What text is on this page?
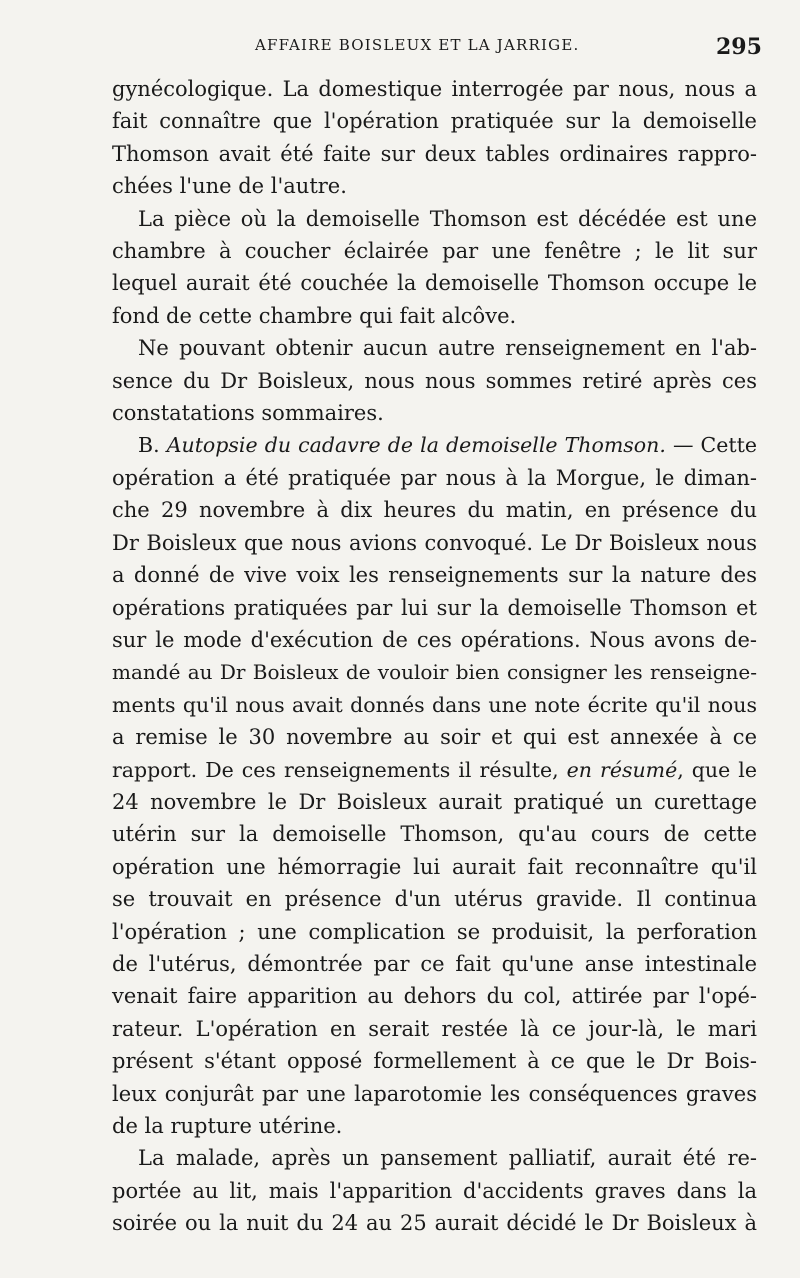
AFFAIRE BOISLEUX ET LA JARRIGE.	295
gynécologique. La domestique interrogée par nous, nous a
fait connaître que l'opération pratiquée sur la demoiselle
Thomson avait été faite sur deux tables ordinaires rappro-
chées l'une de l'autre.
La pièce où la demoiselle Thomson est décédée est une
chambre à coucher éclairée par une fenêtre ; le lit sur
lequel aurait été couchée la demoiselle Thomson occupe le
fond de cette chambre qui fait alcôve.
Ne pouvant obtenir aucun autre renseignement en l'ab-
sence du Dr Boisleux, nous nous sommes retiré après ces
constatations sommaires.
B. Autopsie du cadavre de la demoiselle Thomson. — Cette
opération a été pratiquée par nous à la Morgue, le diman-
che 29 novembre à dix heures du matin, en présence du
Dr Boisleux que nous avions convoqué. Le Dr Boisleux nous
a donné de vive voix les renseignements sur la nature des
opérations pratiquées par lui sur la demoiselle Thomson et
sur le mode d'exécution de ces opérations. Nous avons de-
mandé au Dr Boisleux de vouloir bien consigner les renseigne-
ments qu'il nous avait donnés dans une note écrite qu'il nous
a remise le 30 novembre au soir et qui est annexée à ce
rapport. De ces renseignements il résulte, en résumé, que le
24 novembre le Dr Boisleux aurait pratiqué un curettage
utérin sur la demoiselle Thomson, qu'au cours de cette
opération une hémorragie lui aurait fait reconnaître qu'il
se trouvait en présence d'un utérus gravide. Il continua
l'opération ; une complication se produisit, la perforation
de l'utérus, démontrée par ce fait qu'une anse intestinale
venait faire apparition au dehors du col, attirée par l'opé-
rateur. L'opération en serait restée là ce jour-là, le mari
présent s'étant opposé formellement à ce que le Dr Bois-
leux conjurât par une laparotomie les conséquences graves
de la rupture utérine.
La malade, après un pansement palliatif, aurait été re-
portée au lit, mais l'apparition d'accidents graves dans la
soirée ou la nuit du 24 au 25 aurait décidé le Dr Boisleux à
